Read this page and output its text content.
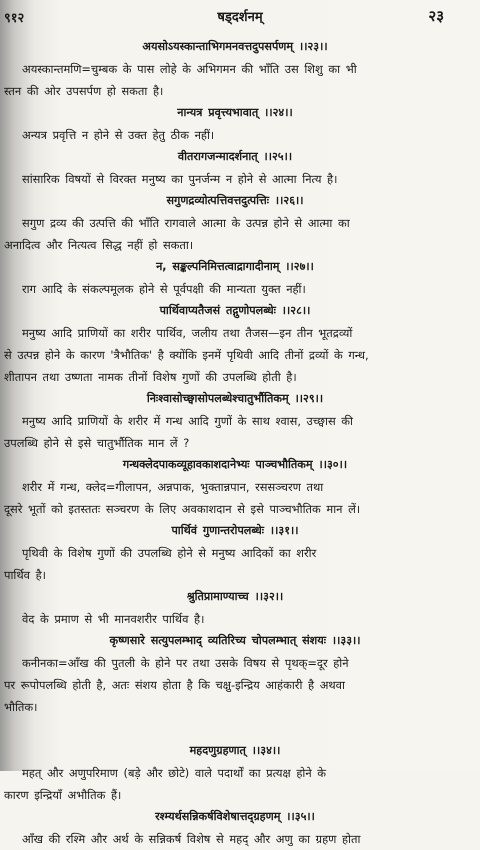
९१२	षड्दर्शनम्	२३
अयसोऽयस्कान्ताभिगमनवत्तदुपसर्पणम् ।।२३।।
अयस्कान्तमणि=चुम्बक के पास लोहे के अभिगमन की भाँति उस शिशु का भी
स्तन की ओर उपसर्पण हो सकता है।
नान्यत्र प्रवृत्त्यभावात् ।।२४।।
अन्यत्र प्रवृत्ति न होने से उक्त हेतु ठीक नहीं।
वीतरागजन्मादर्शनात् ।।२५।।
सांसारिक विषयों से विरक्त मनुष्य का पुनर्जन्म न होने से आत्मा नित्य है।
सगुणद्रव्योत्पत्तिवत्तदुत्पत्तिः ।।२६।।
सगुण द्रव्य की उत्पत्ति की भाँति रागवाले आत्मा के उत्पन्न होने से आत्मा का
अनादित्व और नित्यत्व सिद्ध नहीं हो सकता।
न, सङ्कल्पनिमित्तत्वाद्रागादीनाम् ।।२७।।
राग आदि के संकल्पमूलक होने से पूर्वपक्षी की मान्यता युक्त नहीं।
पार्थिवाप्यतैजसं तद्गुणोपलब्धेः ।।२८।।
मनुष्य आदि प्राणियों का शरीर पार्थिव, जलीय तथा तैजस—इन तीन भूतद्रव्यों
से उत्पन्न होने के कारण 'त्रैभौतिक' है क्योंकि इनमें पृथिवी आदि तीनों द्रव्यों के गन्ध,
शीतापन तथा उष्णता नामक तीनों विशेष गुणों की उपलब्धि होती है।
निःश्वासोच्छ्वासोपलब्धेश्चातुर्भौतिकम् ।।२९।।
मनुष्य आदि प्राणियों के शरीर में गन्ध आदि गुणों के साथ श्वास, उच्छ्वास की
उपलब्धि होने से इसे चातुर्भौतिक मान लें ?
गन्धक्लेदपाकव्यूहावकाशदानेभ्यः पाञ्चभौतिकम् ।।३०।।
शरीर में गन्ध, क्लेद=गीलापन, अन्नपाक, भुक्तान्नपान, रससञ्चरण तथा
दूसरे भूतों को इतस्ततः सञ्चरण के लिए अवकाशदान से इसे पाञ्चभौतिक मान लें।
पार्थिवं गुणान्तरोपलब्धेः ।।३१।।
पृथिवी के विशेष गुणों की उपलब्धि होने से मनुष्य आदिकों का शरीर
पार्थिव है।
श्रुतिप्रामाण्याच्च ।।३२।।
वेद के प्रमाण से भी मानवशरीर पार्थिव है।
कृष्णसारे सत्युपलम्भाद् व्यतिरिच्य चोपलम्भात् संशयः ।।३३।।
कनीनका=आँख की पुतली के होने पर तथा उसके विषय से पृथक्=दूर होने
पर रूपोपलब्धि होती है, अतः संशय होता है कि चक्षु-इन्द्रिय आहंकारी है अथवा
भौतिक।
महदणुग्रहणात् ।।३४।।
महत् और अणुपरिमाण (बड़े और छोटे) वाले पदार्थों का प्रत्यक्ष होने के
कारण इन्द्रियाँ अभौतिक हैं।
रश्म्यर्थसन्निकर्षविशेषात्तद्ग्रहणम् ।।३५।।
आँख की रश्मि और अर्थ के सन्निकर्ष विशेष से महद् और अणु का ग्रहण होता
